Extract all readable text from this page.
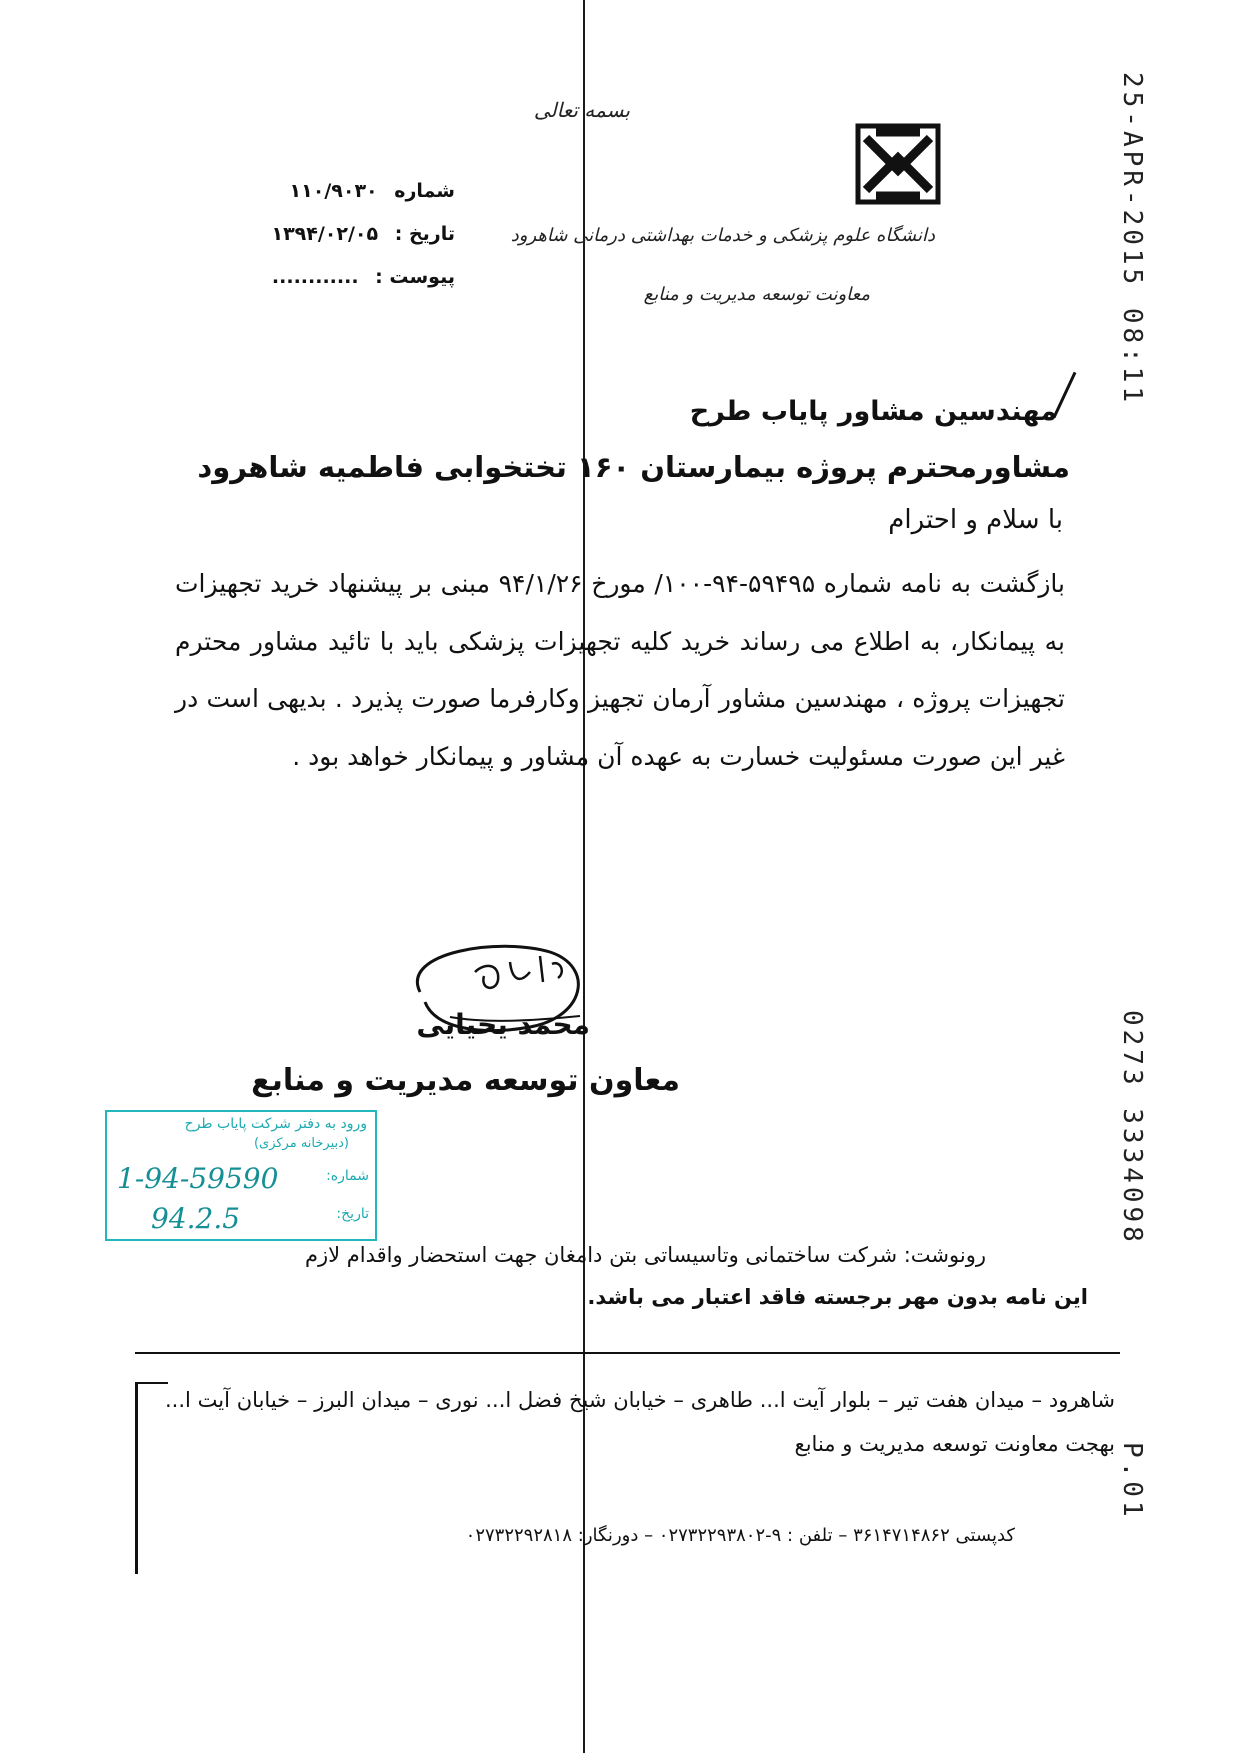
25-APR-2015 08:11
0273 3334098
P.01
بسمه تعالی
دانشگاه علوم پزشکی و خدمات بهداشتی درمانی شاهرود
معاونت توسعه مدیریت و منابع
شماره ۱۱۰/۹۰۳۰
تاریخ : ۱۳۹۴/۰۲/۰۵
پیوست : ............
مهندسین مشاور پایاب طرح
مشاورمحترم پروژه بیمارستان ۱۶۰ تختخوابی فاطمیه شاهرود
با سلام و احترام
بازگشت به نامه شماره ۵۹۴۹۵-۹۴-۱۰۰/ مورخ ۹۴/۱/۲۶ مبنی بر پیشنهاد خرید تجهیزات به پیمانکار، به اطلاع می رساند خرید کلیه تجهیزات پزشکی باید با تائید مشاور محترم تجهیزات پروژه ، مهندسین مشاور آرمان تجهیز وکارفرما صورت پذیرد . بدیهی است در غیر این صورت مسئولیت خسارت به عهده آن مشاور و پیمانکار خواهد بود .
محمد یحیایی
معاون توسعه مدیریت و منابع
ورود به دفتر شرکت پایاب طرح
(دبیرخانه مرکزی)
شماره:
تاریخ:
1-94-59590
94.2.5
رونوشت: شرکت ساختمانی وتاسیساتی بتن دامغان جهت استحضار واقدام لازم
این نامه بدون مهر برجسته فاقد اعتبار می باشد.
شاهرود – میدان هفت تیر – بلوار آیت ا... طاهری – خیابان شیخ فضل ا... نوری – میدان البرز – خیابان آیت ا... بهجت معاونت توسعه مدیریت و منابع
کدپستی ۳۶۱۴۷۱۴۸۶۲ – تلفن : ۹-۰۲۷۳۲۲۹۳۸۰۲ – دورنگار: ۰۲۷۳۲۲۹۲۸۱۸
